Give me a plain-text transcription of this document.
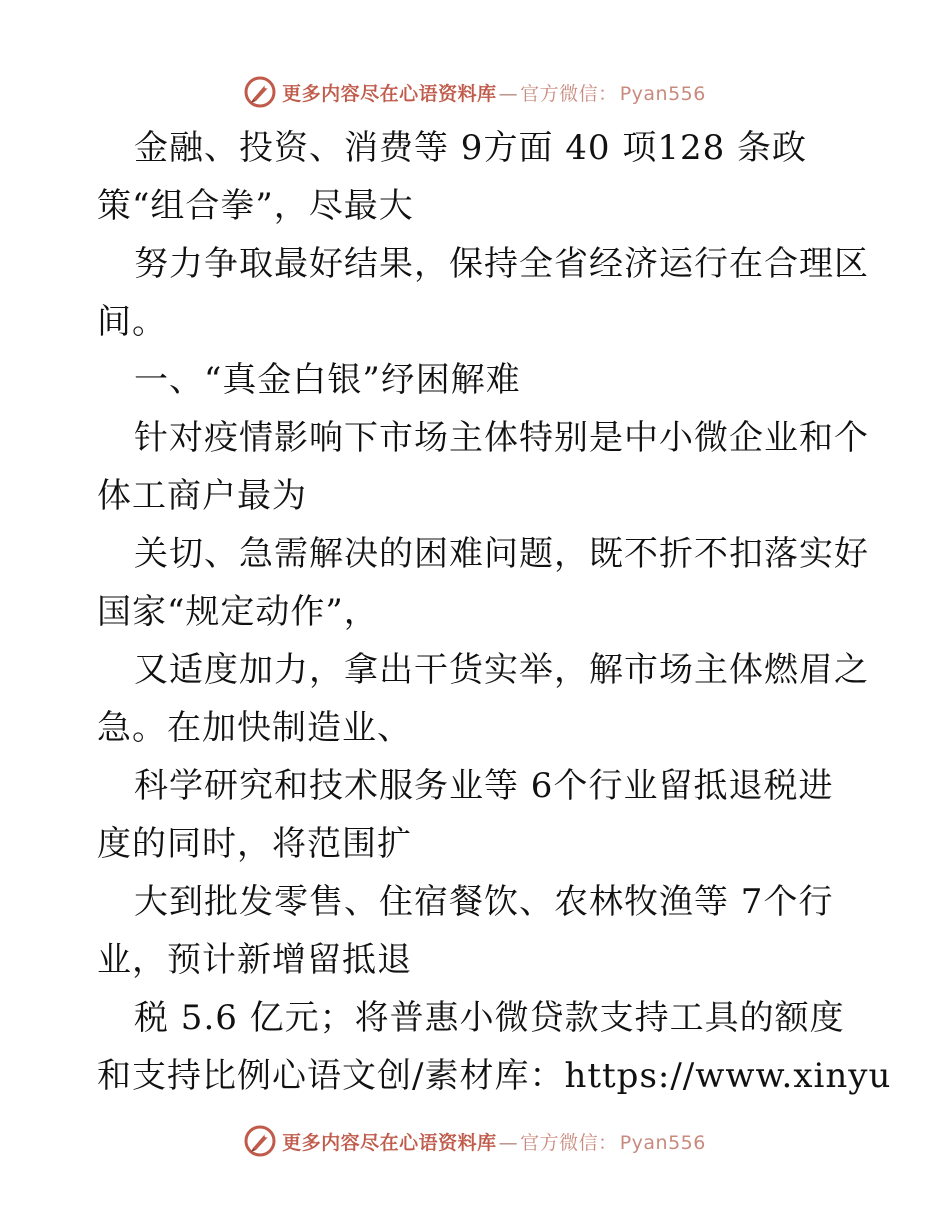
更多内容尽在心语资料库 — 官方微信： Pyan556
金融、投资、消费等 9方面 40 项128 条政
策“组合拳”，尽最大
努力争取最好结果，保持全省经济运行在合理区
间。
一、“真金白银”纾困解难
针对疫情影响下市场主体特别是中小微企业和个
体工商户最为
关切、急需解决的困难问题，既不折不扣落实好
国家“规定动作”，
又适度加力，拿出干货实举，解市场主体燃眉之
急。在加快制造业、
科学研究和技术服务业等 6个行业留抵退税进
度的同时，将范围扩
大到批发零售、住宿餐饮、农林牧渔等 7个行
业，预计新增留抵退
税 5.6 亿元；将普惠小微贷款支持工具的额度
和支持比例心语文创/素材库：https://www.xinyu
更多内容尽在心语资料库 — 官方微信： Pyan556
